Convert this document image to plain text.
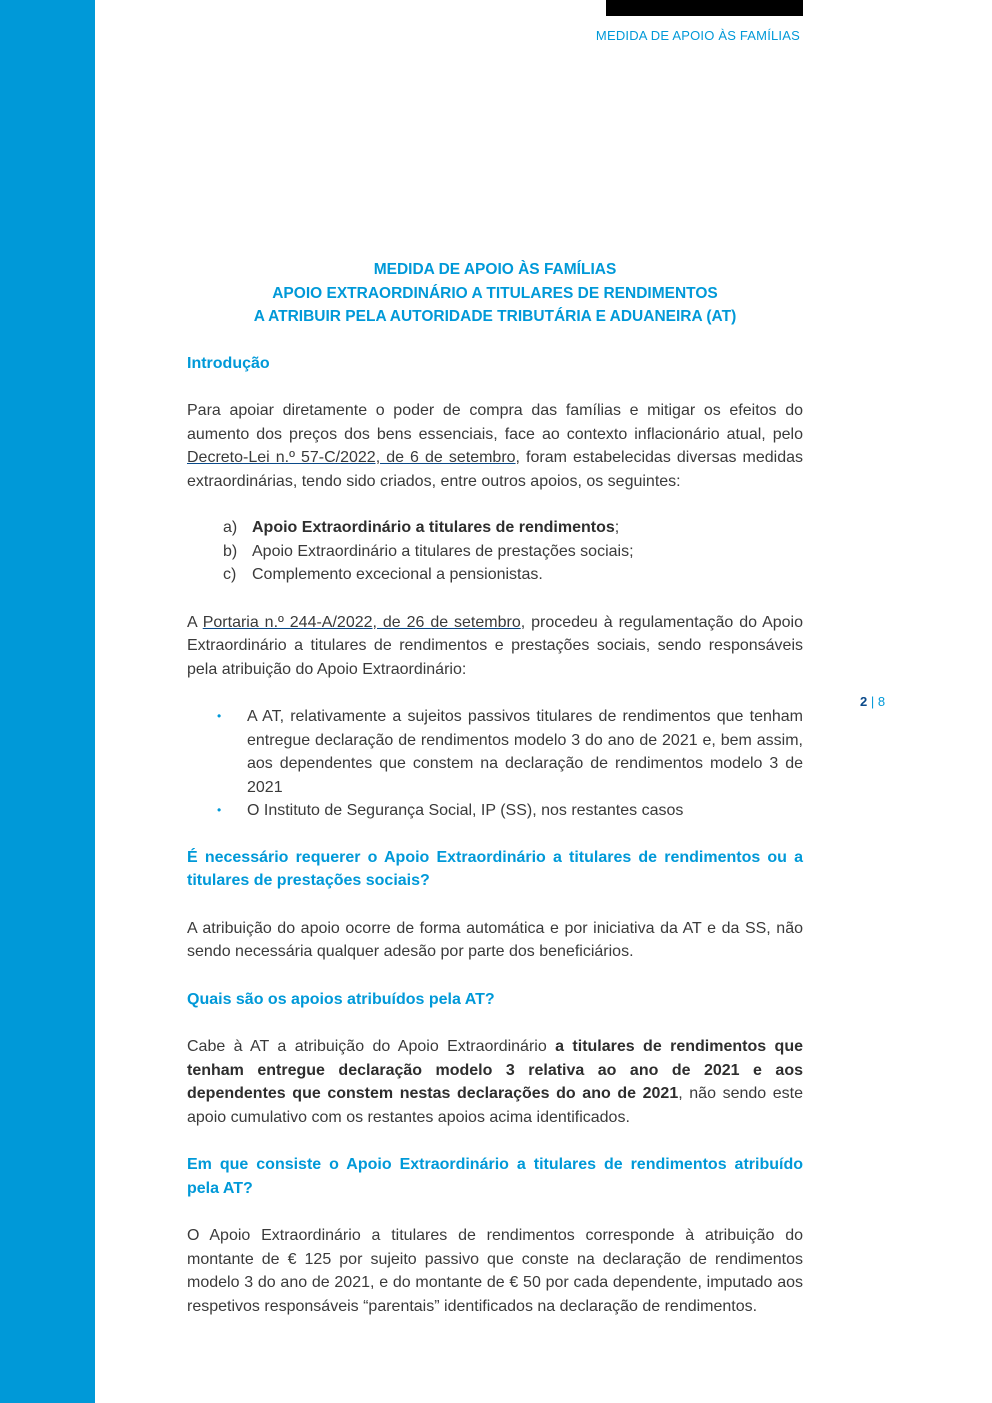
MEDIDA DE APOIO ÀS FAMÍLIAS
2 | 8

MEDIDA DE APOIO ÀS FAMÍLIAS

APOIO EXTRAORDINÁRIO A TITULARES DE RENDIMENTOS

A ATRIBUIR PELA AUTORIDADE TRIBUTÁRIA E ADUANEIRA (AT)

Introdução

Para apoiar diretamente o poder de compra das famílias e mitigar os efeitos do aumento dos preços dos bens essenciais, face ao contexto inflacionário atual, pelo Decreto-Lei n.º 57-C/2022, de 6 de setembro, foram estabelecidas diversas medidas extraordinárias, tendo sido criados, entre outros apoios, os seguintes:

a) Apoio Extraordinário a titulares de rendimentos;
b) Apoio Extraordinário a titulares de prestações sociais;
c) Complemento excecional a pensionistas.

A Portaria n.º 244-A/2022, de 26 de setembro, procedeu à regulamentação do Apoio Extraordinário a titulares de rendimentos e prestações sociais, sendo responsáveis pela atribuição do Apoio Extraordinário:

•	A AT, relativamente a sujeitos passivos titulares de rendimentos que tenham entregue declaração de rendimentos modelo 3 do ano de 2021 e, bem assim, aos dependentes que constem na declaração de rendimentos modelo 3 de 2021
•	O Instituto de Segurança Social, IP (SS), nos restantes casos

É necessário requerer o Apoio Extraordinário a titulares de rendimentos ou a titulares de prestações sociais?

A atribuição do apoio ocorre de forma automática e por iniciativa da AT e da SS, não sendo necessária qualquer adesão por parte dos beneficiários.

Quais são os apoios atribuídos pela AT?

Cabe à AT a atribuição do Apoio Extraordinário a titulares de rendimentos que tenham entregue declaração modelo 3 relativa ao ano de 2021 e aos dependentes que constem nestas declarações do ano de 2021, não sendo este apoio cumulativo com os restantes apoios acima identificados.

Em que consiste o Apoio Extraordinário a titulares de rendimentos atribuído pela AT?

O Apoio Extraordinário a titulares de rendimentos corresponde à atribuição do montante de € 125 por sujeito passivo que conste na declaração de rendimentos modelo 3 do ano de 2021, e do montante de € 50 por cada dependente, imputado aos respetivos responsáveis “parentais” identificados na declaração de rendimentos.
